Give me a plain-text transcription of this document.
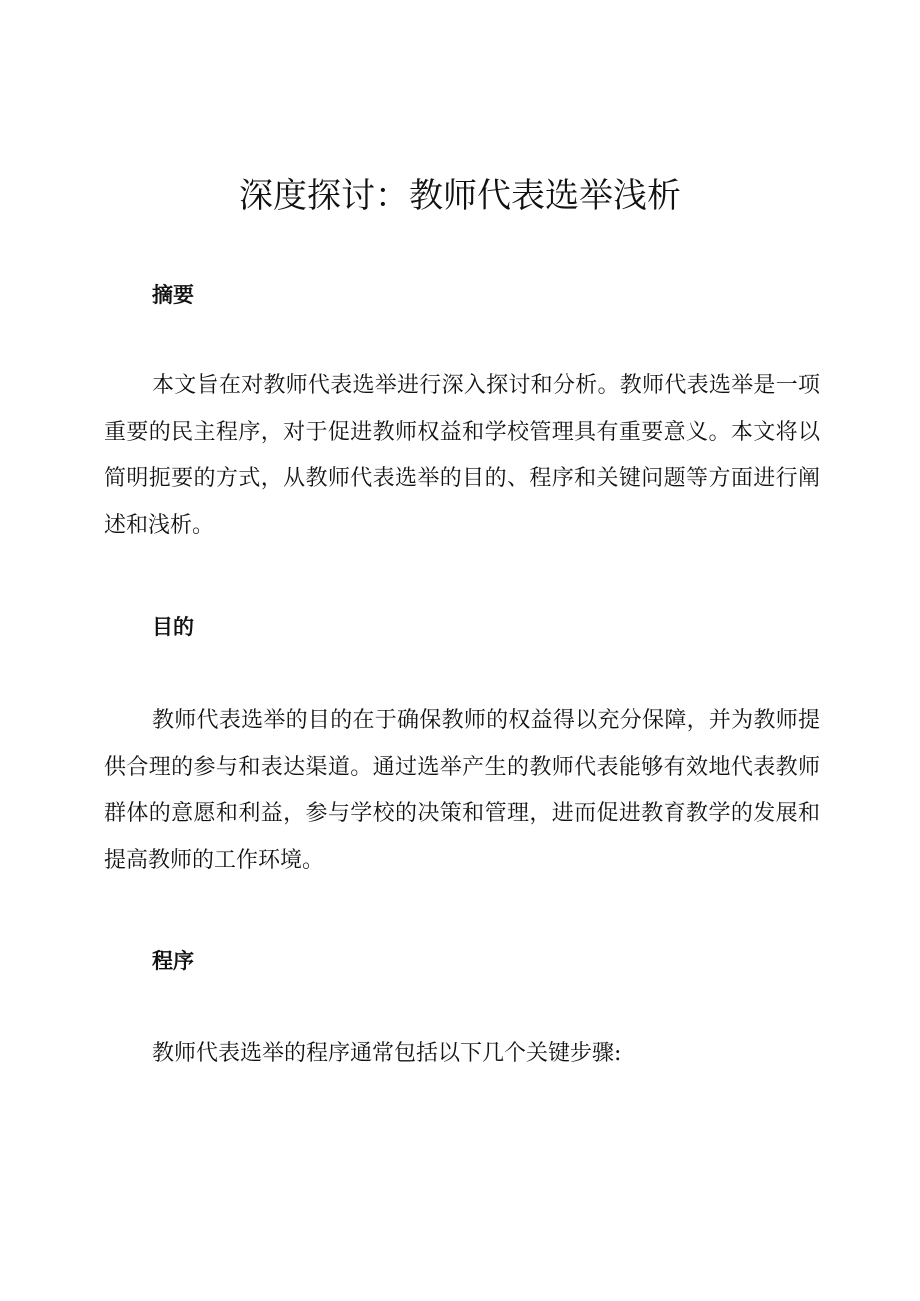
深度探讨：教师代表选举浅析
摘要

本文旨在对教师代表选举进行深入探讨和分析。教师代表选举是一项重要的民主程序，对于促进教师权益和学校管理具有重要意义。本文将以简明扼要的方式，从教师代表选举的目的、程序和关键问题等方面进行阐述和浅析。

目的

教师代表选举的目的在于确保教师的权益得以充分保障，并为教师提供合理的参与和表达渠道。通过选举产生的教师代表能够有效地代表教师群体的意愿和利益，参与学校的决策和管理，进而促进教育教学的发展和提高教师的工作环境。

程序

教师代表选举的程序通常包括以下几个关键步骤:
